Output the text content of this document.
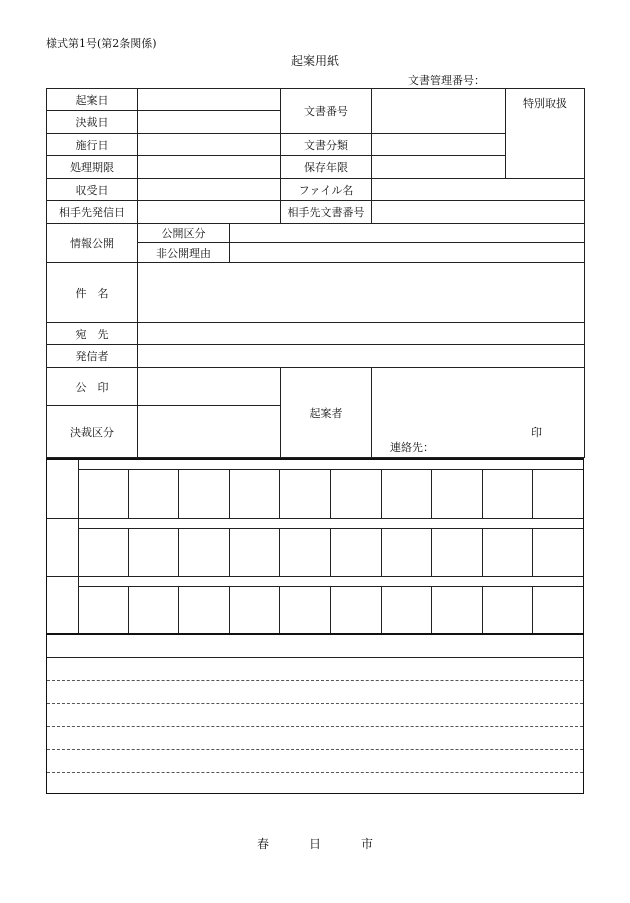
様式第1号(第2条関係)
起案用紙
文書管理番号：
起案日			文書番号		特別取扱
決裁日					
施行日			文書分類		
処理期限			保存年限		
収受日			ファイル名		
相手先発信日			相手先文書番号		
情報公開	公開区分				
	非公開理由				
件　名					
宛　先					
発信者					
公　印			起案者	印
連絡先：	

決裁区分					
春日市
